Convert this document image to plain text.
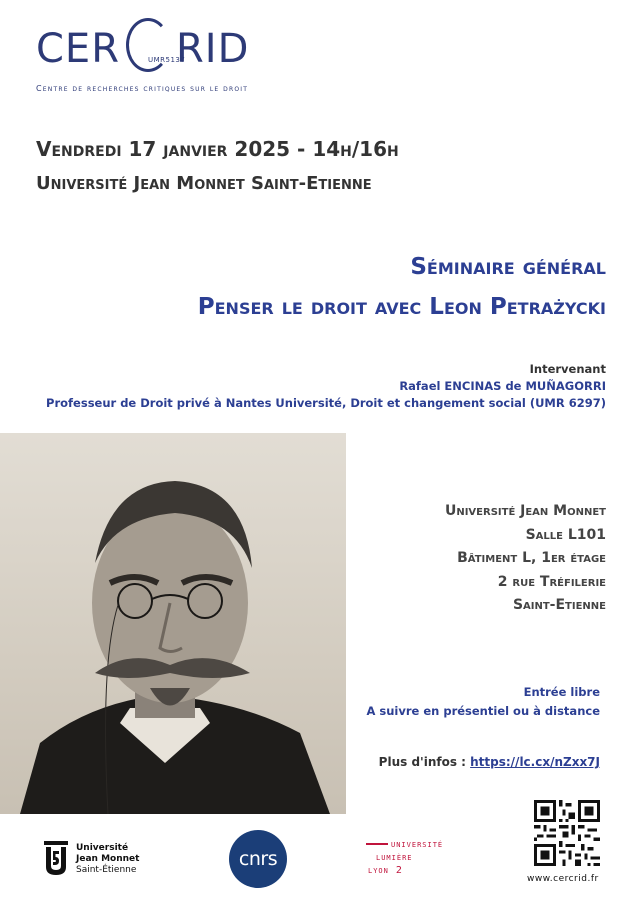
CER RID
UMR5137
Centre de recherches critiques sur le droit
Vendredi 17 janvier 2025 - 14h/16h
Université Jean Monnet Saint-Etienne
Séminaire général
Penser le droit avec Leon Petrażycki
Intervenant
Rafael ENCINAS de MUÑAGORRI
Professeur de Droit privé à Nantes Université, Droit et changement social (UMR 6297)
Université Jean Monnet
Salle L101
Bâtiment L, 1er étage
2 rue Tréfilerie
Saint-Etienne
Entrée libre
A suivre en présentiel ou à distance
Plus d'infos : https://lc.cx/nZxx7J
www.cercrid.fr
Université
Jean Monnet
Saint-Étienne	cnrs
université
lumière
lyon 2
